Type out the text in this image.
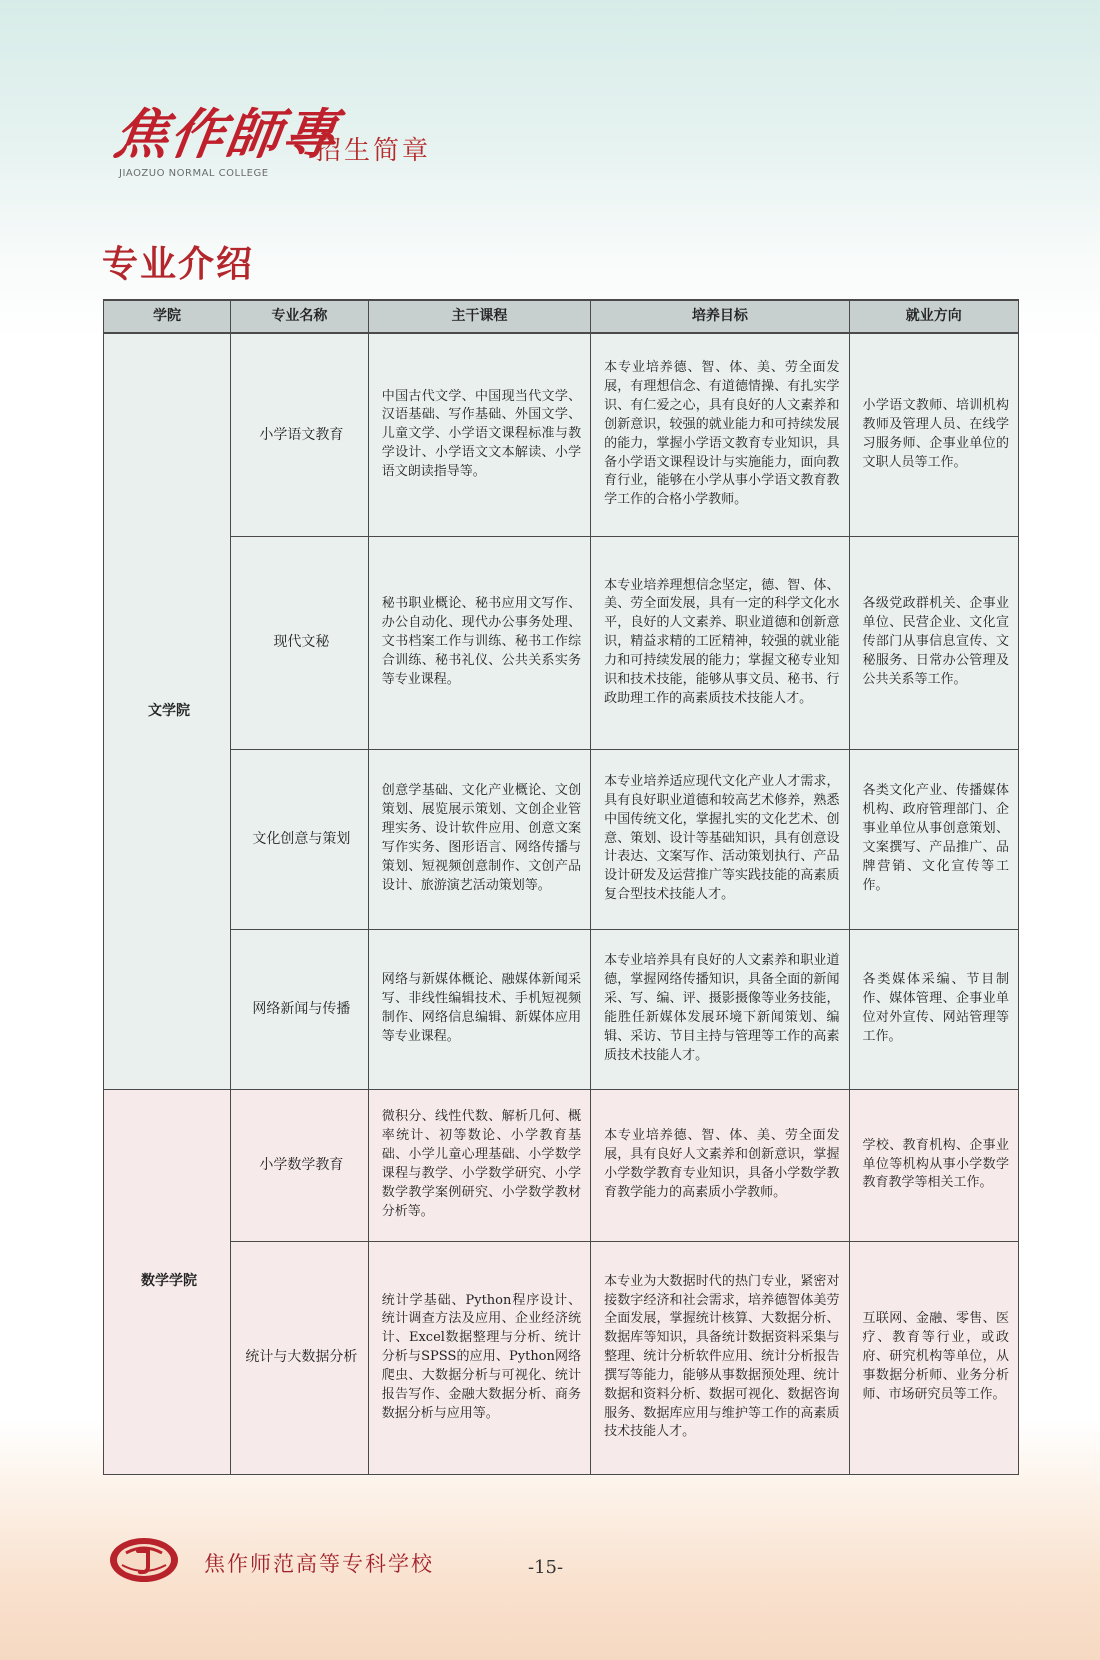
焦作師專
JIAOZUO NORMAL COLLEGE
招生简章
专业介绍
学院	专业名称	主干课程	培养目标	就业方向
文学院	小学语文教育	中国古代文学、中国现当代文学、汉语基础、写作基础、外国文学、儿童文学、小学语文课程标准与教学设计、小学语文文本解读、小学语文朗读指导等。	本专业培养德、智、体、美、劳全面发展，有理想信念、有道德情操、有扎实学识、有仁爱之心，具有良好的人文素养和创新意识，较强的就业能力和可持续发展的能力，掌握小学语文教育专业知识，具备小学语文课程设计与实施能力，面向教育行业，能够在小学从事小学语文教育教学工作的合格小学教师。	小学语文教师、培训机构教师及管理人员、在线学习服务师、企事业单位的文职人员等工作。
	现代文秘	秘书职业概论、秘书应用文写作、办公自动化、现代办公事务处理、文书档案工作与训练、秘书工作综合训练、秘书礼仪、公共关系实务等专业课程。	本专业培养理想信念坚定，德、智、体、美、劳全面发展，具有一定的科学文化水平，良好的人文素养、职业道德和创新意识，精益求精的工匠精神，较强的就业能力和可持续发展的能力；掌握文秘专业知识和技术技能，能够从事文员、秘书、行政助理工作的高素质技术技能人才。	各级党政群机关、企事业单位、民营企业、文化宣传部门从事信息宣传、文秘服务、日常办公管理及公共关系等工作。
	文化创意与策划	创意学基础、文化产业概论、文创策划、展览展示策划、文创企业管理实务、设计软件应用、创意文案写作实务、图形语言、网络传播与策划、短视频创意制作、文创产品设计、旅游演艺活动策划等。	本专业培养适应现代文化产业人才需求，具有良好职业道德和较高艺术修养，熟悉中国传统文化，掌握扎实的文化艺术、创意、策划、设计等基础知识，具有创意设计表达、文案写作、活动策划执行、产品设计研发及运营推广等实践技能的高素质复合型技术技能人才。	各类文化产业、传播媒体机构、政府管理部门、企事业单位从事创意策划、文案撰写、产品推广、品牌营销、文化宣传等工作。
	网络新闻与传播	网络与新媒体概论、融媒体新闻采写、非线性编辑技术、手机短视频制作、网络信息编辑、新媒体应用等专业课程。	本专业培养具有良好的人文素养和职业道德，掌握网络传播知识，具备全面的新闻采、写、编、评、摄影摄像等业务技能，能胜任新媒体发展环境下新闻策划、编辑、采访、节目主持与管理等工作的高素质技术技能人才。	各类媒体采编、节目制作、媒体管理、企事业单位对外宣传、网站管理等工作。
数学学院	小学数学教育	微积分、线性代数、解析几何、概率统计、初等数论、小学教育基础、小学儿童心理基础、小学数学课程与教学、小学数学研究、小学数学教学案例研究、小学数学教材分析等。	本专业培养德、智、体、美、劳全面发展，具有良好人文素养和创新意识，掌握小学数学教育专业知识，具备小学数学教育教学能力的高素质小学教师。	学校、教育机构、企事业单位等机构从事小学数学教育教学等相关工作。
	统计与大数据分析	统计学基础、Python程序设计、统计调查方法及应用、企业经济统计、Excel数据整理与分析、统计分析与SPSS的应用、Python网络爬虫、大数据分析与可视化、统计报告写作、金融大数据分析、商务数据分析与应用等。	本专业为大数据时代的热门专业，紧密对接数字经济和社会需求，培养德智体美劳全面发展，掌握统计核算、大数据分析、数据库等知识，具备统计数据资料采集与整理、统计分析软件应用、统计分析报告撰写等能力，能够从事数据预处理、统计数据和资料分析、数据可视化、数据咨询服务、数据库应用与维护等工作的高素质技术技能人才。	互联网、金融、零售、医疗、教育等行业，或政府、研究机构等单位，从事数据分析师、业务分析师、市场研究员等工作。
焦作师范高等专科学校	-15-
